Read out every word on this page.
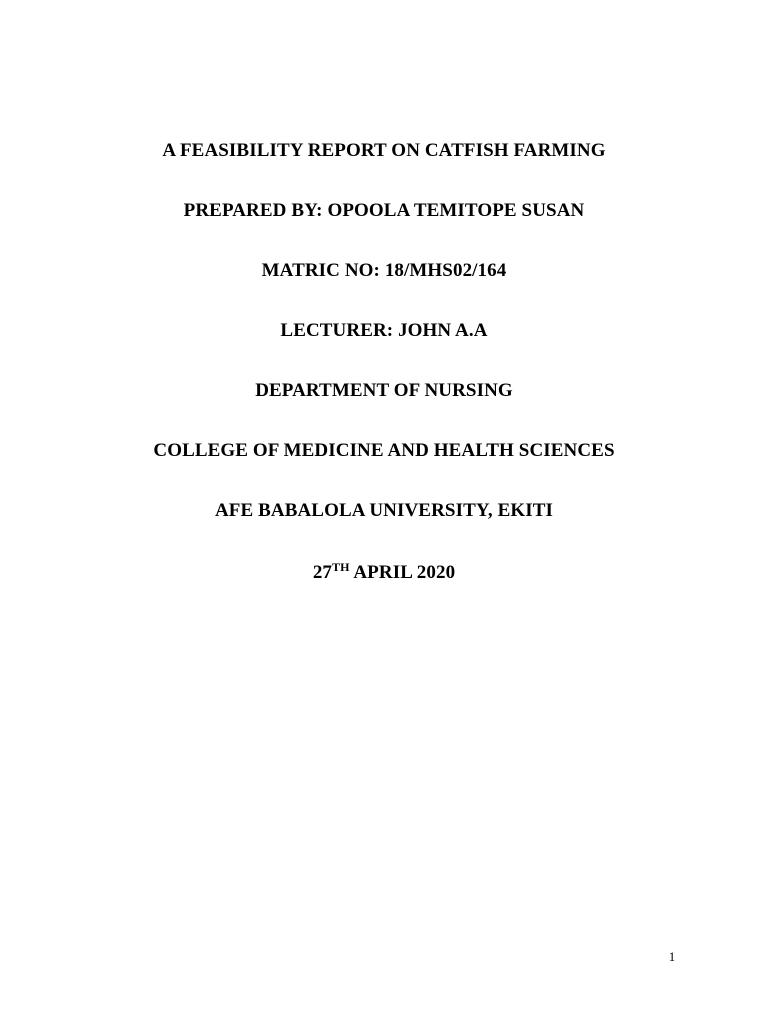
A FEASIBILITY REPORT ON CATFISH FARMING
PREPARED BY: OPOOLA TEMITOPE SUSAN
MATRIC NO: 18/MHS02/164
LECTURER: JOHN A.A
DEPARTMENT OF NURSING
COLLEGE OF MEDICINE AND HEALTH SCIENCES
AFE BABALOLA UNIVERSITY, EKITI
27TH APRIL 2020
1
